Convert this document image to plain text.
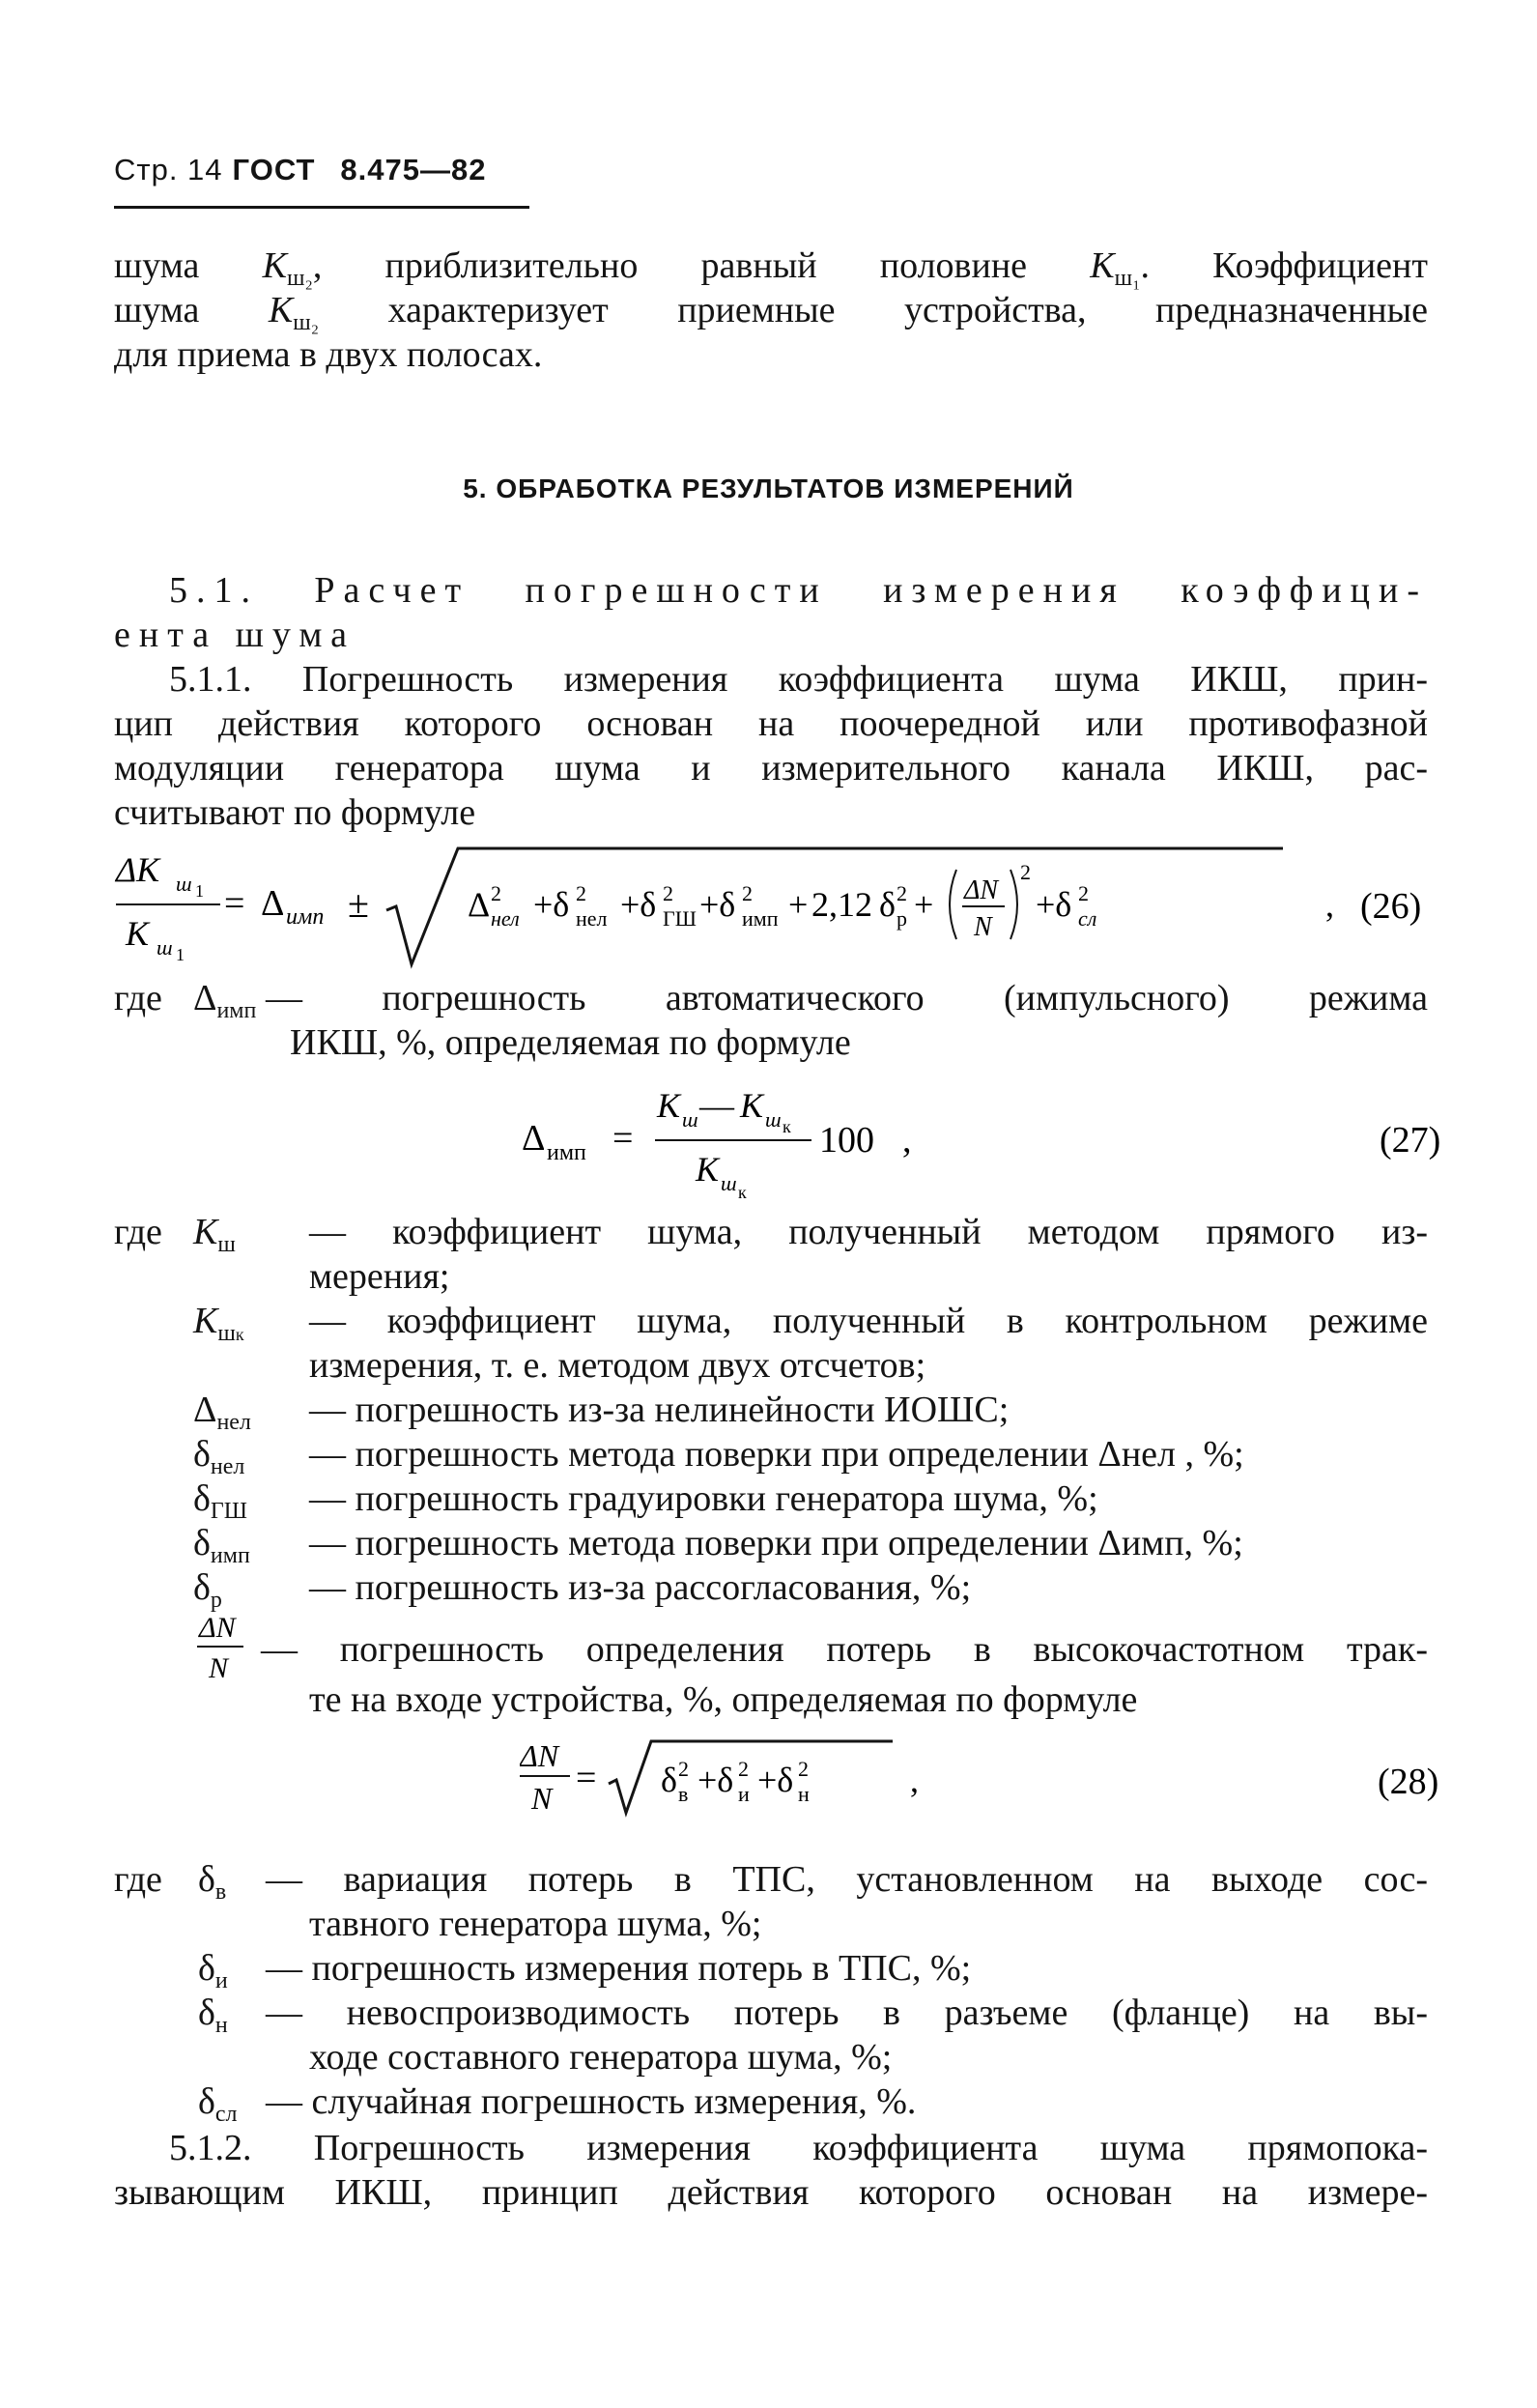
Стр. 14 ГОСТ 8.475—82
шума $K_{ш_2}$, приблизительно равный половине $K_{ш_1}$. Коэффициент
шума $K_{ш_2}$ характеризует приемные устройства, предназначенные
для приема в двух полосах.
5. ОБРАБОТКА РЕЗУЛЬТАТОВ ИЗМЕРЕНИЙ
5.1. Расчет погрешности измерения коэффици-
ента шума
5.1.1. Погрешность измерения коэффициента шума ИКШ, прин-
цип действия которого основан на поочередной или противофазной
модуляции генератора шума и измерительного канала ИКШ, рас-
считывают по формуле
ΔK ш 1
K ш 1
= Δ имп ±	Δ 2
нел +δ 2
нел +δ 2
ГШ +δ 2
имп + 2,12 δ 2
р + ΔN
N
2
+δ 2
сл	, (26)
где $\Delta_{имп}$ — погрешность автоматического (импульсного) режима
ИКШ, %, определяемая по формуле
Δ имп =
K ш — K ш к
K ш к
100 ,	(27)
где $K_ш$ — коэффициент шума, полученный методом прямого из-
мерения;
$K_{шк}$ — коэффициент шума, полученный в контрольном режиме
измерения, т. е. методом двух отсчетов;
$\Delta_{нел}$ — погрешность из-за нелинейности ИОШС;
$\delta_{нел}$ — погрешность метода поверки при определении Δнел , %;
$\delta_{ГШ}$ — погрешность градуировки генератора шума, %;
$\delta_{имп}$ — погрешность метода поверки при определении Δимп, %;
$\delta_р$ — погрешность из-за рассогласования, %;
ΔN
N — погрешность определения потерь в высокочастотном трак-
те на входе устройства, %, определяемая по формуле
ΔN
N = δ 2
в +δ 2
и +δ 2
н	,	(28)
где $\delta_в$ — вариация потерь в ТПС, установленном на выходе сос-
тавного генератора шума, %;
$\delta_и$ — погрешность измерения потерь в ТПС, %;
$\delta_н$ — невоспроизводимость потерь в разъеме (фланце) на вы-
ходе составного генератора шума, %;
$\delta_{сл}$ — случайная погрешность измерения, %.
5.1.2. Погрешность измерения коэффициента шума прямопока-
зывающим ИКШ, принцип действия которого основан на измере-
